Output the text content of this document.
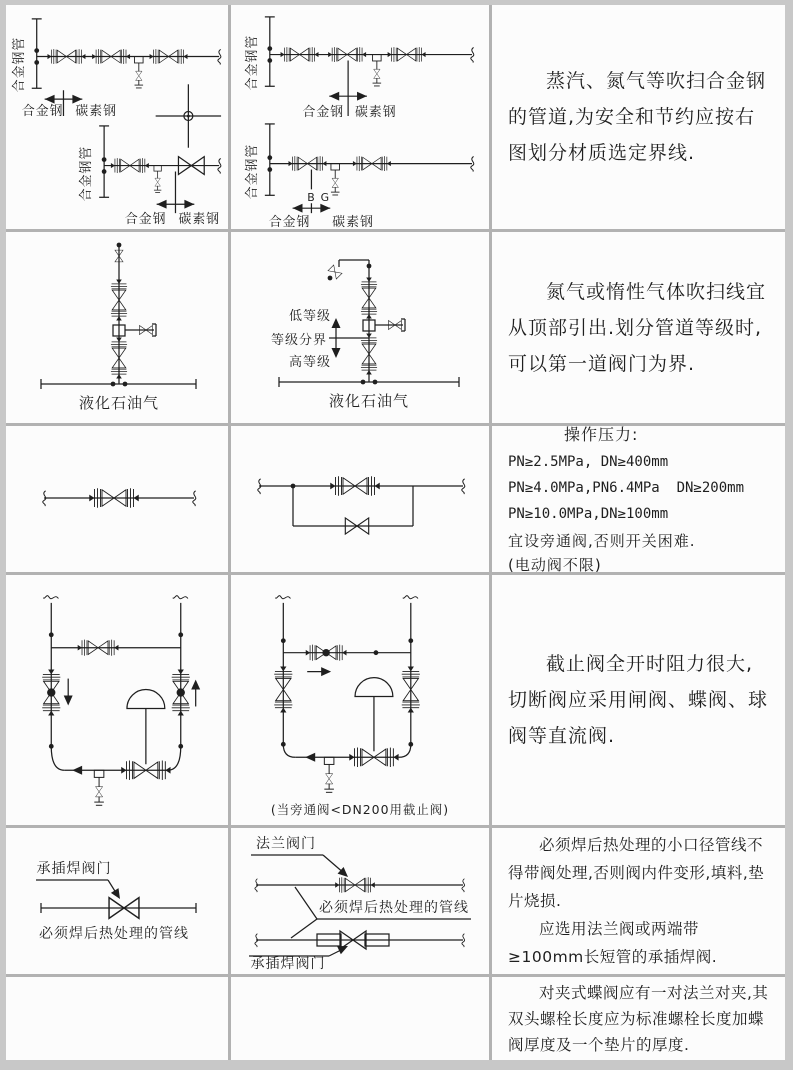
合金钢管
合金钢 碳素钢
合金钢管
合金钢 碳素钢
合金钢管
合金钢 碳素钢
合金钢管	B G
合金钢 碳素钢

蒸汽、氮气等吹扫合金钢的管道,为安全和节约应按右图划分材质选定界线.

液化石油气
低等级
等级分界
高等级
液化石油气

氮气或惰性气体吹扫线宜从顶部引出.划分管道等级时,可以第一道阀门为界.

操作压力:

PN≥2.5MPa, DN≥400mm

PN≥4.0MPa,PN6.4MPa  DN≥200mm

PN≥10.0MPa,DN≥100mm

宜设旁通阀,否则开关困难.

(电动阀不限)

(当旁通阀<DN200用截止阀)

截止阀全开时阻力很大,切断阀应采用闸阀、蝶阀、球阀等直流阀.

承插焊阀门
必须焊后热处理的管线
法兰阀门
必须焊后热处理的管线
承插焊阀门

必须焊后热处理的小口径管线不得带阀处理,否则阀内件变形,填料,垫片烧损.

应选用法兰阀或两端带≥100mm长短管的承插焊阀.

对夹式蝶阀应有一对法兰对夹,其双头螺栓长度应为标准螺栓长度加蝶阀厚度及一个垫片的厚度.
